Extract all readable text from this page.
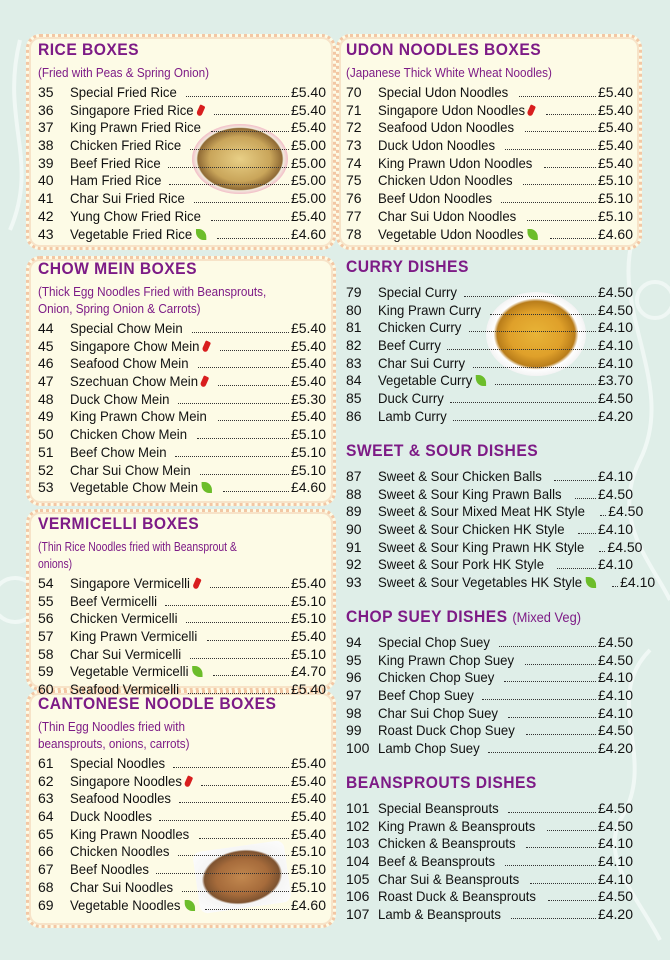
RICE BOXES
(Fried with Peas & Spring Onion)
35	Special Fried Rice	£5.40
36	Singapore Fried Rice	£5.40
37	King Prawn Fried Rice	£5.40
38	Chicken Fried Rice	£5.00
39	Beef Fried Rice	£5.00
40	Ham Fried Rice	£5.00
41	Char Sui Fried Rice	£5.00
42	Yung Chow Fried Rice	£5.40
43	Vegetable Fried Rice	£4.60
CHOW MEIN BOXES
(Thick Egg Noodles Fried with Beansprouts,
Onion, Spring Onion & Carrots)
44	Special Chow Mein	£5.40
45	Singapore Chow Mein	£5.40
46	Seafood Chow Mein	£5.40
47	Szechuan Chow Mein	£5.40
48	Duck Chow Mein	£5.30
49	King Prawn Chow Mein	£5.40
50	Chicken Chow Mein	£5.10
51	Beef Chow Mein	£5.10
52	Char Sui Chow Mein	£5.10
53	Vegetable Chow Mein	£4.60
VERMICELLI BOXES
(Thin Rice Noodles fried with Beansprout & onions)
54	Singapore Vermicelli	£5.40
55	Beef Vermicelli	£5.10
56	Chicken Vermicelli	£5.10
57	King Prawn Vermicelli	£5.40
58	Char Sui Vermicelli	£5.10
59	Vegetable Vermicelli	£4.70
60	Seafood Vermicelli	£5.40
CANTONESE NOODLE BOXES
(Thin Egg Noodles fried with
beansprouts, onions, carrots)
61	Special Noodles	£5.40
62	Singapore Noodles	£5.40
63	Seafood Noodles	£5.40
64	Duck Noodles	£5.40
65	King Prawn Noodles	£5.40
66	Chicken Noodles	£5.10
67	Beef Noodles	£5.10
68	Char Sui Noodles	£5.10
69	Vegetable Noodles	£4.60
UDON NOODLES BOXES
(Japanese Thick White Wheat Noodles)
70	Special Udon Noodles	£5.40
71	Singapore Udon Noodles	£5.40
72	Seafood Udon Noodles	£5.40
73	Duck Udon Noodles	£5.40
74	King Prawn Udon Noodles	£5.40
75	Chicken Udon Noodles	£5.10
76	Beef Udon Noodles	£5.10
77	Char Sui Udon Noodles	£5.10
78	Vegetable Udon Noodles	£4.60
CURRY DISHES
79	Special Curry	£4.50
80	King Prawn Curry	£4.50
81	Chicken Curry	£4.10
82	Beef Curry	£4.10
83	Char Sui Curry	£4.10
84	Vegetable Curry	£3.70
85	Duck Curry	£4.50
86	Lamb Curry	£4.20
SWEET & SOUR DISHES
87	Sweet & Sour Chicken Balls	£4.10
88	Sweet & Sour King Prawn Balls	£4.50
89	Sweet & Sour Mixed Meat HK Style £4.50
90	Sweet & Sour Chicken HK Style £4.10
91	Sweet & Sour King Prawn HK Style £4.50
92	Sweet & Sour Pork HK Style	£4.10
93	Sweet & Sour Vegetables HK Style	£4.10
CHOP SUEY DISHES (Mixed Veg)
94	Special Chop Suey	£4.50
95	King Prawn Chop Suey	£4.50
96	Chicken Chop Suey	£4.10
97	Beef Chop Suey	£4.10
98	Char Sui Chop Suey	£4.10
99	Roast Duck Chop Suey	£4.50
100 Lamb Chop Suey	£4.20
BEANSPROUTS DISHES
101 Special Beansprouts	£4.50
102 King Prawn & Beansprouts	£4.50
103 Chicken & Beansprouts	£4.10
104 Beef & Beansprouts	£4.10
105 Char Sui & Beansprouts	£4.10
106 Roast Duck & Beansprouts	£4.50
107 Lamb & Beansprouts	£4.20
